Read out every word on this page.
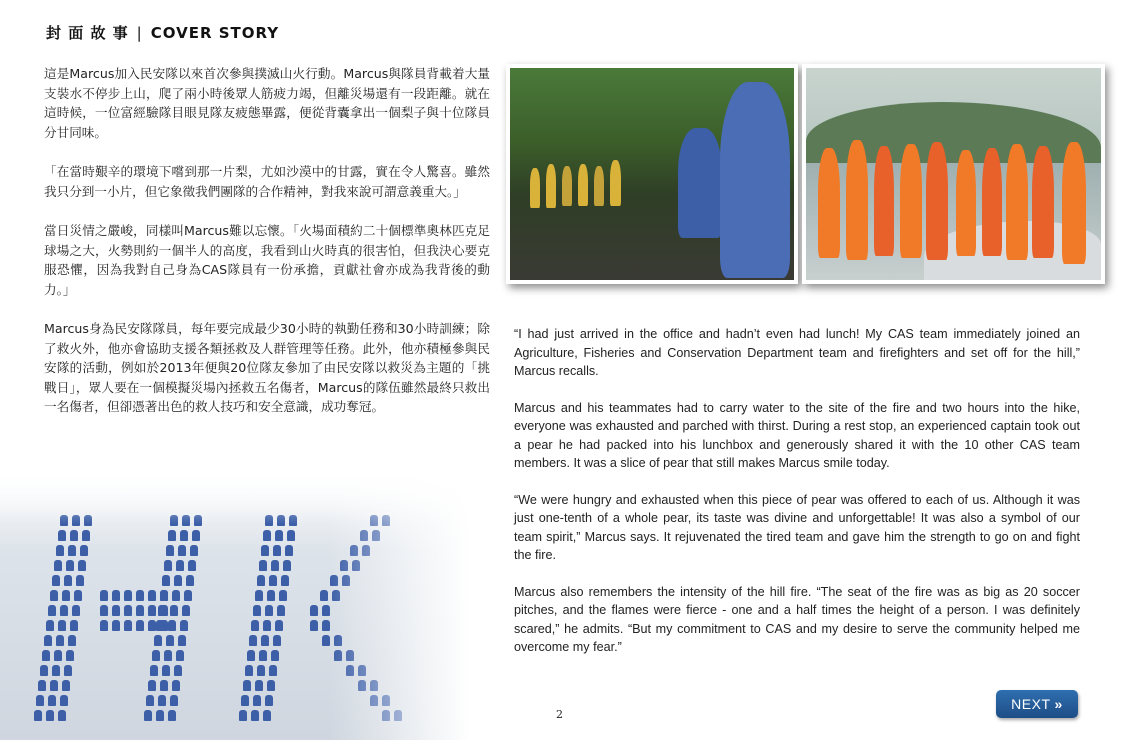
封 面 故 事 | COVER STORY

這是Marcus加入民安隊以來首次參與撲滅山火行動。Marcus與隊員背載着大量支裝水不停步上山，爬了兩小時後眾人筋疲力竭，但離災場還有一段距離。就在這時候，一位富經驗隊目眼見隊友疲態畢露，便從背囊拿出一個梨子與十位隊員分甘同味。

「在當時艱辛的環境下嚐到那一片梨，尤如沙漠中的甘露，實在令人驚喜。雖然我只分到一小片，但它象徵我們團隊的合作精神，對我來說可謂意義重大。」

當日災情之嚴峻，同樣叫Marcus難以忘懷。「火場面積約二十個標準奧林匹克足球場之大，火勢則約一個半人的高度，我看到山火時真的很害怕，但我決心要克服恐懼，因為我對自己身為CAS隊員有一份承擔，貢獻社會亦成為我背後的動力。」

Marcus身為民安隊隊員，每年要完成最少30小時的執勤任務和30小時訓練；除了救火外，他亦會協助支援各類拯救及人群管理等任務。此外，他亦積極參與民安隊的活動，例如於2013年便與20位隊友參加了由民安隊以救災為主題的「挑戰日」，眾人要在一個模擬災場內拯救五名傷者，Marcus的隊伍雖然最終只救出一名傷者，但卻憑著出色的救人技巧和安全意識，成功奪冠。

“I had just arrived in the office and hadn’t even had lunch! My CAS team immediately joined an Agriculture, Fisheries and Conservation Department team and firefighters and set off for the hill,” Marcus recalls.

Marcus and his teammates had to carry water to the site of the fire and two hours into the hike, everyone was exhausted and parched with thirst. During a rest stop, an experienced captain took out a pear he had packed into his lunchbox and generously shared it with the 10 other CAS team members. It was a slice of pear that still makes Marcus smile today.

“We were hungry and exhausted when this piece of pear was offered to each of us. Although it was just one-tenth of a whole pear, its taste was divine and unforgettable! It was also a symbol of our team spirit,” Marcus says. It rejuvenated the tired team and gave him the strength to go on and fight the fire.

Marcus also remembers the intensity of the hill fire. “The seat of the fire was as big as 20 soccer pitches, and the flames were fierce - one and a half times the height of a person. I was definitely scared,” he admits. “But my commitment to CAS and my desire to serve the community helped me overcome my fear.”

2
NEXT »
